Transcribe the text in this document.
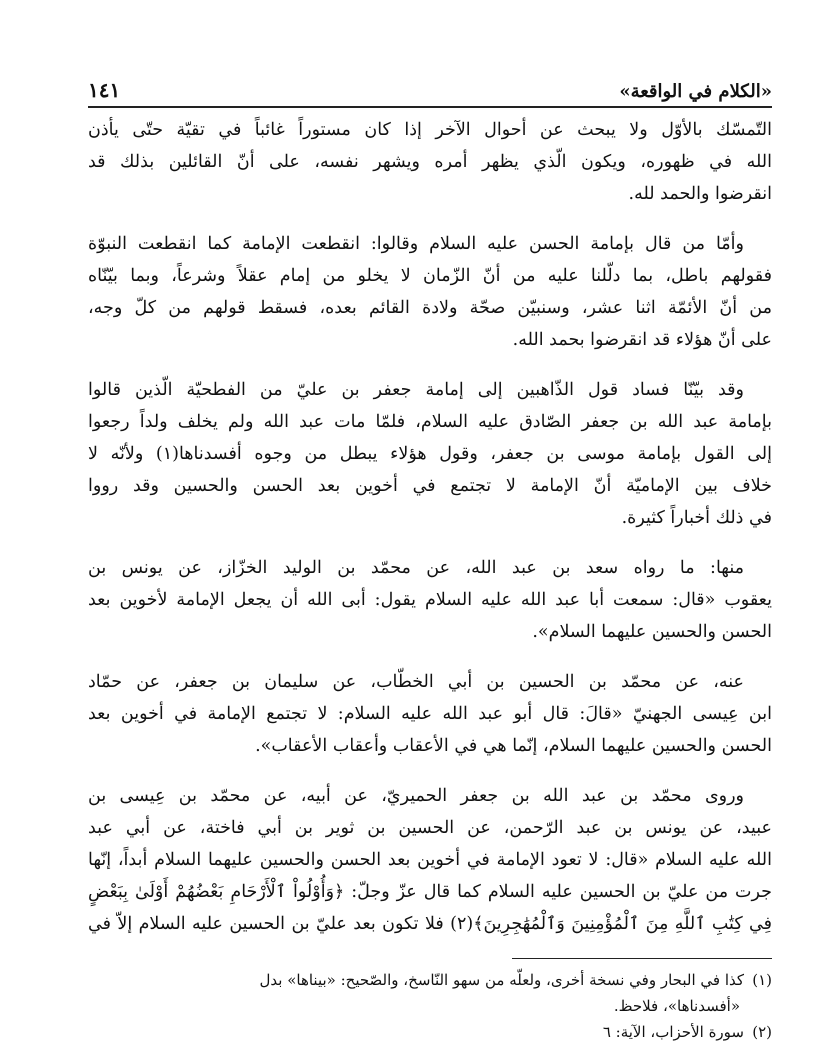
«الكلام في الواقعة»
١٤١
التّمسّك بالأوّل ولا يبحث عن أحوال الآخر إذا كان مستوراً غائباً في تقيّة حتّى يأذن
الله في ظهوره، ويكون الّذي يظهر أمره ويشهر نفسه، على أنّ القائلين بذلك قد
انقرضوا والحمد لله.
وأمّا من قال بإمامة الحسن عليه السلام وقالوا: انقطعت الإمامة كما انقطعت النبوّة
فقولهم باطل، بما دلّلنا عليه من أنّ الزّمان لا يخلو من إمام عقلاً وشرعاً، وبما بيّنّاه
من أنّ الأئمّة اثنا عشر، وسنبيّن صحّة ولادة القائم بعده، فسقط قولهم من كلّ وجه،
على أنّ هؤلاء قد انقرضوا بحمد الله.
وقد بيّنّا فساد قول الذّاهبين إلى إمامة جعفر بن عليّ من الفطحيّة الّذين قالوا
بإمامة عبد الله بن جعفر الصّادق عليه السلام، فلمّا مات عبد الله ولم يخلف ولداً رجعوا
إلى القول بإمامة موسى بن جعفر، وقول هؤلاء يبطل من وجوه أفسدناها(١) ولأنّه لا
خلاف بين الإماميّة أنّ الإمامة لا تجتمع في أخوين بعد الحسن والحسين وقد رووا
في ذلك أخباراً كثيرة.
منها: ما رواه سعد بن عبد الله، عن محمّد بن الوليد الخزّاز، عن يونس بن
يعقوب «قال: سمعت أبا عبد الله عليه السلام يقول: أبى الله أن يجعل الإمامة لأخوين بعد
الحسن والحسين عليهما السلام».
عنه، عن محمّد بن الحسين بن أبي الخطّاب، عن سليمان بن جعفر، عن حمّاد
ابن عِيسى الجهنيّ «قالَ: قال أبو عبد الله عليه السلام: لا تجتمع الإمامة في أخوين بعد
الحسن والحسين عليهما السلام، إنّما هي في الأعقاب وأعقاب الأعقاب».
وروى محمّد بن عبد الله بن جعفر الحميريّ، عن أبيه، عن محمّد بن عِيسى بن
عبيد، عن يونس بن عبد الرّحمن، عن الحسين بن ثوير بن أبي فاختة، عن أبي عبد
الله عليه السلام «قال: لا تعود الإمامة في أخوين بعد الحسن والحسين عليهما السلام أبداً، إنّها
جرت من عليّ بن الحسين عليه السلام كما قال عزّ وجلّ: ﴿وَأُوْلُواْ ٱلْأَرْحَامِ بَعْضُهُمْ أَوْلَىٰ بِبَعْضٍ
فِي كِتَٰبِ ٱللَّهِ مِنَ ٱلْمُؤْمِنِينَ وَٱلْمُهَٰجِرِينَ﴾(٢) فلا تكون بعد عليّ بن الحسين عليه السلام إلاّ في
(١)كذا في البحار وفي نسخة أخرى، ولعلّه من سهو النّاسخ، والصّحيح: «بيناها» بدل
«أفسدناها»، فلاحظ.
(٢)سورة الأحزاب، الآية: ٦
